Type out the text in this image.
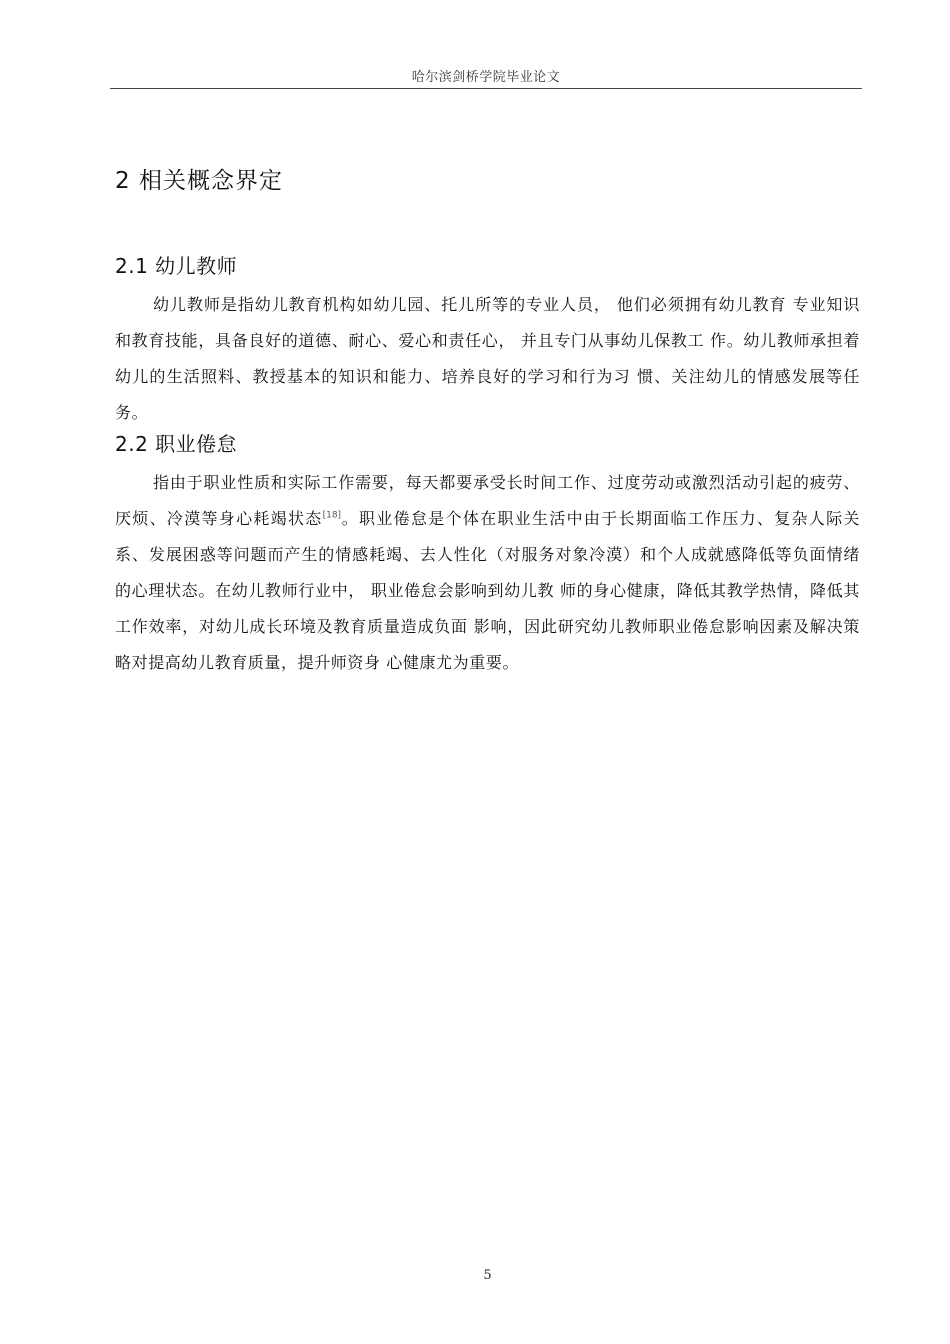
哈尔滨剑桥学院毕业论文
2 相关概念界定
2.1 幼儿教师

幼儿教师是指幼儿教育机构如幼儿园、托儿所等的专业人员， 他们必须拥有幼儿教育 专业知识和教育技能，具备良好的道德、耐心、爱心和责任心， 并且专门从事幼儿保教工 作。幼儿教师承担着幼儿的生活照料、教授基本的知识和能力、培养良好的学习和行为习 惯、关注幼儿的情感发展等任务。

2.2 职业倦怠

指由于职业性质和实际工作需要，每天都要承受长时间工作、过度劳动或激烈活动引起的疲劳、厌烦、冷漠等身心耗竭状态[18]。职业倦怠是个体在职业生活中由于长期面临工作压力、复杂人际关系、发展困惑等问题而产生的情感耗竭、去人性化（对服务对象冷漠）和个人成就感降低等负面情绪的心理状态。在幼儿教师行业中， 职业倦怠会影响到幼儿教 师的身心健康，降低其教学热情，降低其工作效率，对幼儿成长环境及教育质量造成负面 影响，因此研究幼儿教师职业倦怠影响因素及解决策略对提高幼儿教育质量，提升师资身 心健康尤为重要。

5
